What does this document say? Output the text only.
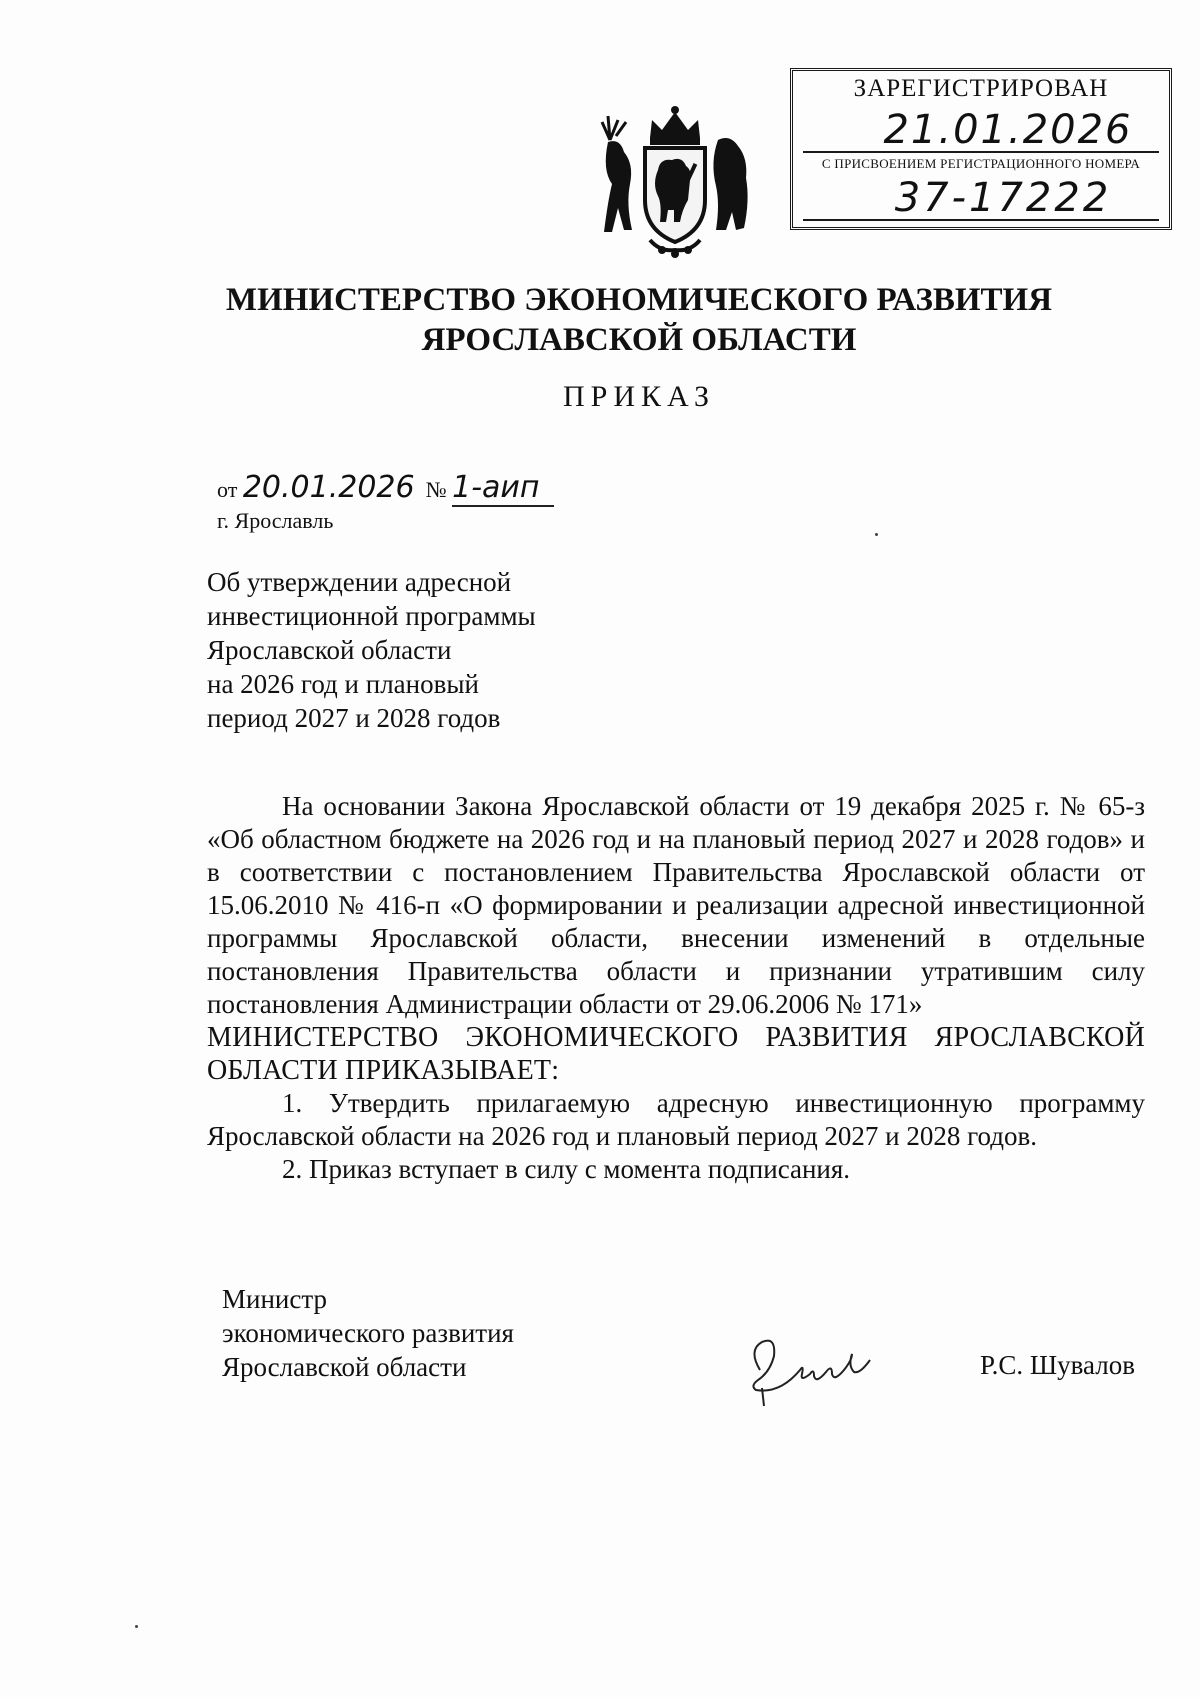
ЗАРЕГИСТРИРОВАН
21.01.2026
С ПРИСВОЕНИЕМ РЕГИСТРАЦИОННОГО НОМЕРА
37-17222
МИНИСТЕРСТВО ЭКОНОМИЧЕСКОГО РАЗВИТИЯ
ЯРОСЛАВСКОЙ ОБЛАСТИ
ПРИКАЗ
от 20.01.2026 № 1-аип
г. Ярославль
Об утверждении адресной
инвестиционной программы
Ярославской области
на 2026 год и плановый
период 2027 и 2028 годов

На основании Закона Ярославской области от 19 декабря 2025 г. № 65-з «Об областном бюджете на 2026 год и на плановый период 2027 и 2028 годов» и в соответствии с постановлением Правительства Ярославской области от 15.06.2010 № 416-п «О формировании и реализации адресной инвестиционной программы Ярославской области, внесении изменений в отдельные постановления Правительства области и признании утратившим силу постановления Администрации области от 29.06.2006 № 171»

МИНИСТЕРСТВО ЭКОНОМИЧЕСКОГО РАЗВИТИЯ ЯРОСЛАВСКОЙ ОБЛАСТИ ПРИКАЗЫВАЕТ:

1. Утвердить прилагаемую адресную инвестиционную программу Ярославской области на 2026 год и плановый период 2027 и 2028 годов.

2. Приказ вступает в силу с момента подписания.

Министр
экономического развития
Ярославской области	Р.С. Шувалов
